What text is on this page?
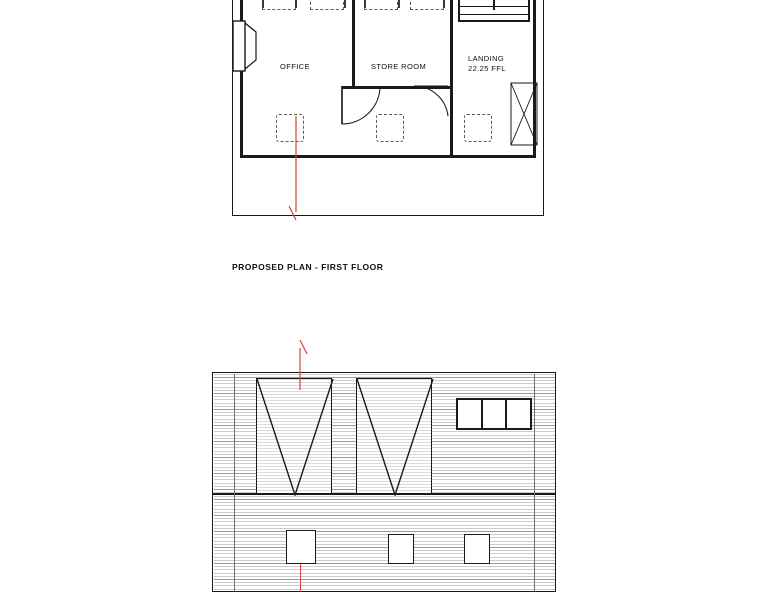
OFFICE	STORE ROOM
LANDING
22.25 FFL
PROPOSED PLAN - FIRST FLOOR
